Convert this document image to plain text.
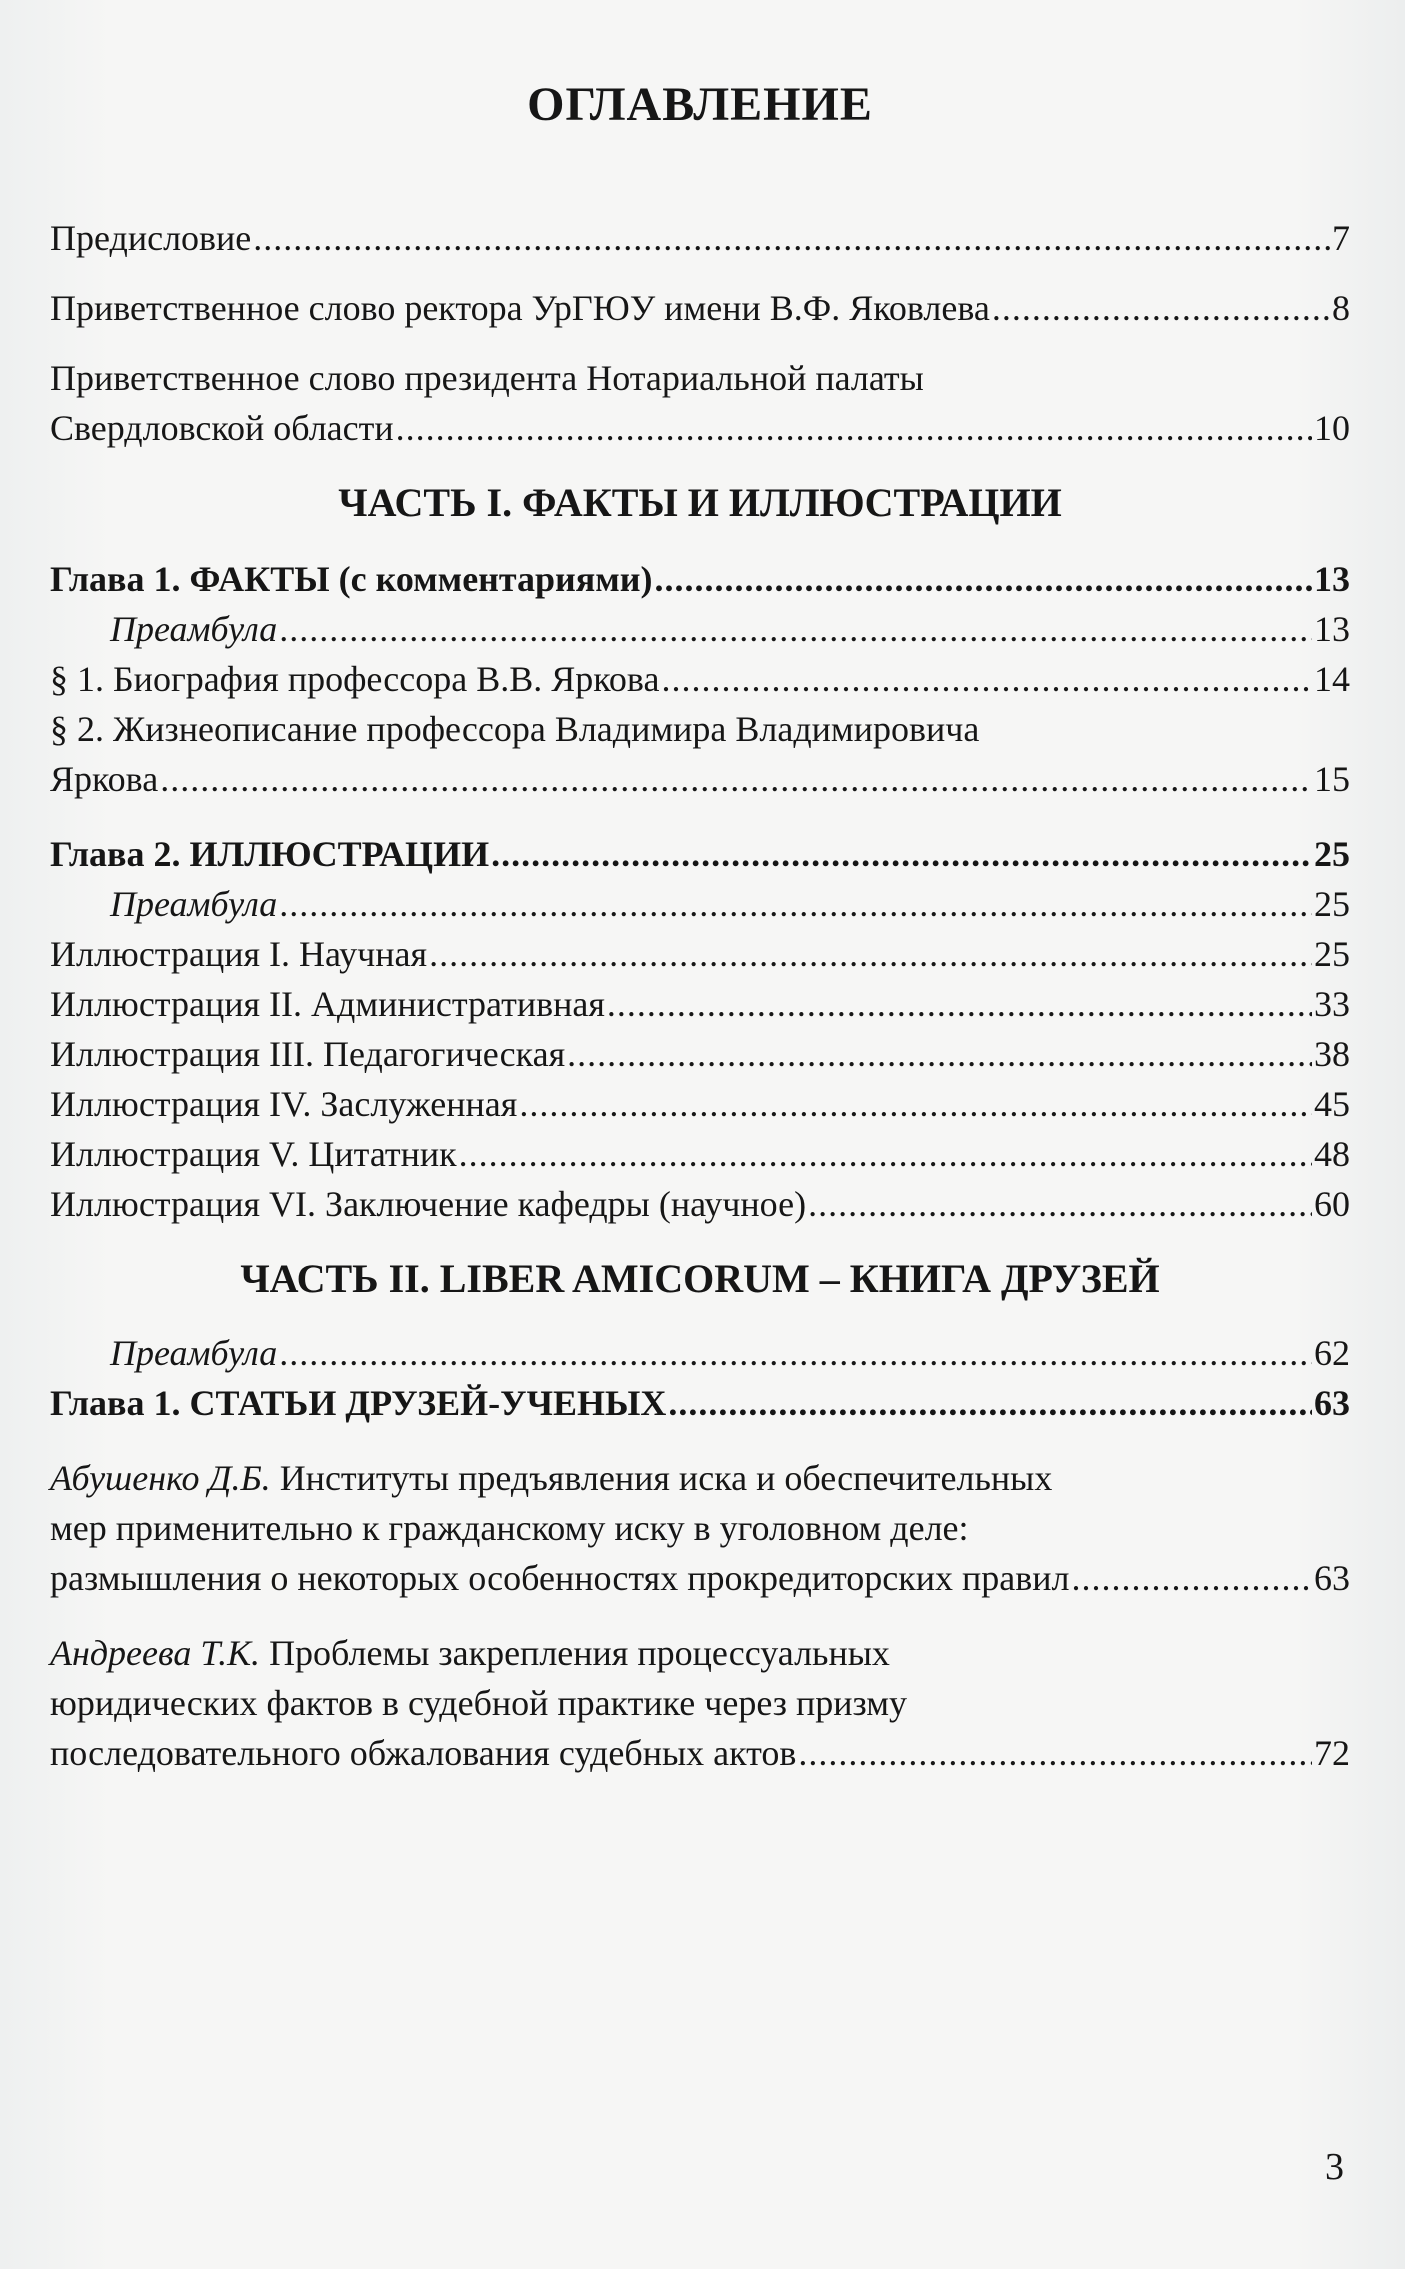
ОГЛАВЛЕНИЕ
Предисловие .....	7
Приветственное слово ректора УрГЮУ имени В.Ф. Яковлева .....	8
Приветственное слово президента Нотариальной палаты
Свердловской области .....	10
ЧАСТЬ I. ФАКТЫ И ИЛЛЮСТРАЦИИ
Глава 1. ФАКТЫ (с комментариями) .....	13
Преамбула .....	13
§ 1. Биография профессора В.В. Яркова .....	14
§ 2. Жизнеописание профессора Владимира Владимировича
Яркова .....	15
Глава 2. ИЛЛЮСТРАЦИИ .....	25
Преамбула .....	25
Иллюстрация I. Научная .....	25
Иллюстрация II. Административная .....	33
Иллюстрация III. Педагогическая .....	38
Иллюстрация IV. Заслуженная .....	45
Иллюстрация V. Цитатник .....	48
Иллюстрация VI. Заключение кафедры (научное) .....	60
ЧАСТЬ II. LIBER AMICORUM – КНИГА ДРУЗЕЙ
Преамбула .....	62
Глава 1. СТАТЬИ ДРУЗЕЙ-УЧЕНЫХ .....	63
Абушенко Д.Б. Институты предъявления иска и обеспечительных
мер применительно к гражданскому иску в уголовном деле:
размышления о некоторых особенностях прокредиторских правил .....	63
Андреева Т.К. Проблемы закрепления процессуальных
юридических фактов в судебной практике через призму
последовательного обжалования судебных актов .....	72
3
